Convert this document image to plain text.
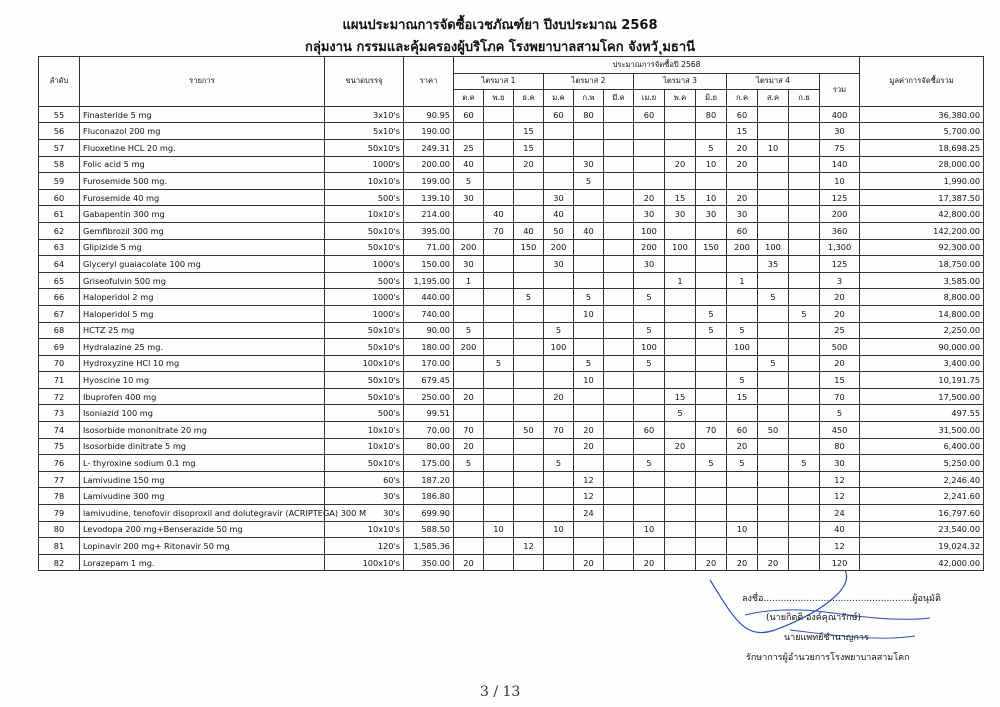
แผนประมาณการจัดซื้อเวชภัณฑ์ยา ปีงบประมาณ 2568
กลุ่มงาน กรรมและคุ้มครองผู้บริโภค โรงพยาบาลสามโคก จังหวั ุมธานี
ลำดับ	รายการ	ขนาดบรรจุ	ราคา	ประมาณการจัดซื้อปี 2568													มูลค่าการจัดซื้อรวม
				ไตรมาส 1			ไตรมาส 2			ไตรมาส 3			ไตรมาส 4			รวม	
				ต.ค	พ.ย	ธ.ค	ม.ค	ก.พ	มี.ค	เม.ย	พ.ค	มิ.ย	ก.ค	ส.ค	ก.ย		
55	Finasteride 5 mg	3x10's	90.95	60			60	80		60		80	60			400	36,380.00
56	Fluconazol 200 mg	5x10's	190.00			15							15			30	5,700.00
57	Fluoxetine HCL 20 mg.	50x10's	249.31	25		15						5	20	10		75	18,698.25
58	Folic acid 5 mg	1000's	200.00	40		20		30			20	10	20			140	28,000.00
59	Furosemide 500 mg.	10x10's	199.00	5				5								10	1,990.00
60	Furosemide 40 mg	500's	139.10	30			30			20	15	10	20			125	17,387.50
61	Gabapentin 300 mg	10x10's	214.00		40		40			30	30	30	30			200	42,800.00
62	Gemfibrozil 300 mg	50x10's	395.00		70	40	50	40		100			60			360	142,200.00
63	Glipizide 5 mg	50x10's	71.00	200		150	200			200	100	150	200	100		1,300	92,300.00
64	Glyceryl guaiacolate 100 mg	1000's	150.00	30			30			30				35		125	18,750.00
65	Griseofulvin 500 mg	500's	1,195.00	1							1		1			3	3,585.00
66	Haloperidol 2 mg	1000's	440.00			5		5		5				5		20	8,800.00
67	Haloperidol 5 mg	1000's	740.00					10				5			5	20	14,800.00
68	HCTZ 25 mg	50x10's	90.00	5			5			5		5	5			25	2,250.00
69	Hydralazine 25 mg.	50x10's	180.00	200			100			100			100			500	90,000.00
70	Hydroxyzine HCl 10 mg	100x10's	170.00		5			5		5				5		20	3,400.00
71	Hyoscine 10 mg	50x10's	679.45					10					5			15	10,191.75
72	Ibuprofen 400 mg	50x10's	250.00	20			20				15		15			70	17,500.00
73	Isoniazid 100 mg	500's	99.51								5					5	497.55
74	Isosorbide mononitrate 20 mg	10x10's	70.00	70		50	70	20		60		70	60	50		450	31,500.00
75	Isosorbide dinitrate 5 mg	10x10's	80.00	20				20			20		20			80	6,400.00
76	L- thyroxine sodium 0.1 mg	50x10's	175.00	5			5			5		5	5		5	30	5,250.00
77	Lamivudine 150 mg	60's	187.20					12								12	2,246.40
78	Lamivudine 300 mg	30's	186.80					12								12	2,241.60
79	lamivudine, tenofovir disoproxil and dolutegravir (ACRIPTEGA) 300 M	30's	699.90					24								24	16,797.60
80	Levodopa 200 mg+Benserazide 50 mg	10x10's	588.50		10		10			10			10			40	23,540.00
81	Lopinavir 200 mg+ Ritonavir 50 mg	120's	1,585.36			12										12	19,024.32
82	Lorazepam 1 mg.	100x10's	350.00	20				20		20		20	20	20		120	42,000.00
ลงชื่อ....................................................ผู้อนุมัติ
(นายกิตติ องค์คุณารักษ์)
นายแพทย์ชำนาญการ
รักษาการผู้อำนวยการโรงพยาบาลสามโคก
3 / 13
